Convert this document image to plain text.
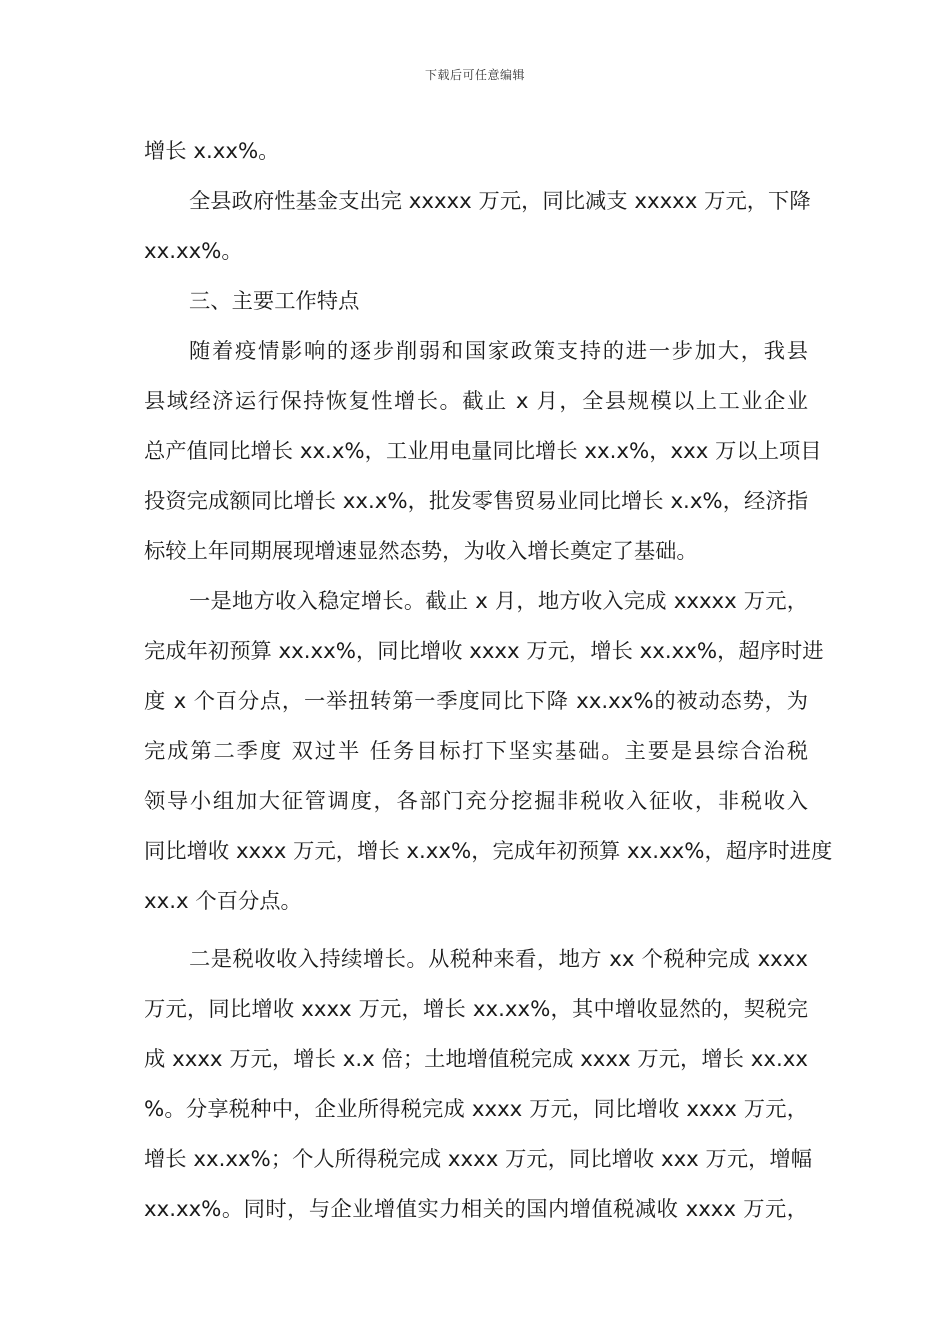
下载后可任意编辑
增长 x.xx%。
全县政府性基金支出完 xxxxx 万元，同比减支 xxxxx 万元，下降
xx.xx%。
三、主要工作特点
随着疫情影响的逐步削弱和国家政策支持的进一步加大，我县
县域经济运行保持恢复性增长。截止 x 月，全县规模以上工业企业
总产值同比增长 xx.x%，工业用电量同比增长 xx.x%，xxx 万以上项目
投资完成额同比增长 xx.x%，批发零售贸易业同比增长 x.x%，经济指
标较上年同期展现增速显然态势，为收入增长奠定了基础。
一是地方收入稳定增长。截止 x 月，地方收入完成 xxxxx 万元，
完成年初预算 xx.xx%，同比增收 xxxx 万元，增长 xx.xx%，超序时进
度 x 个百分点，一举扭转第一季度同比下降 xx.xx%的被动态势，为
完成第二季度 双过半 任务目标打下坚实基础。主要是县综合治税
领导小组加大征管调度，各部门充分挖掘非税收入征收，非税收入
同比增收 xxxx 万元，增长 x.xx%，完成年初预算 xx.xx%，超序时进度
xx.x 个百分点。
二是税收收入持续增长。从税种来看，地方 xx 个税种完成 xxxx
万元，同比增收 xxxx 万元，增长 xx.xx%，其中增收显然的，契税完
成 xxxx 万元，增长 x.x 倍；土地增值税完成 xxxx 万元，增长 xx.xx
%。分享税种中，企业所得税完成 xxxx 万元，同比增收 xxxx 万元，
增长 xx.xx%；个人所得税完成 xxxx 万元，同比增收 xxx 万元，增幅
xx.xx%。同时，与企业增值实力相关的国内增值税减收 xxxx 万元，
